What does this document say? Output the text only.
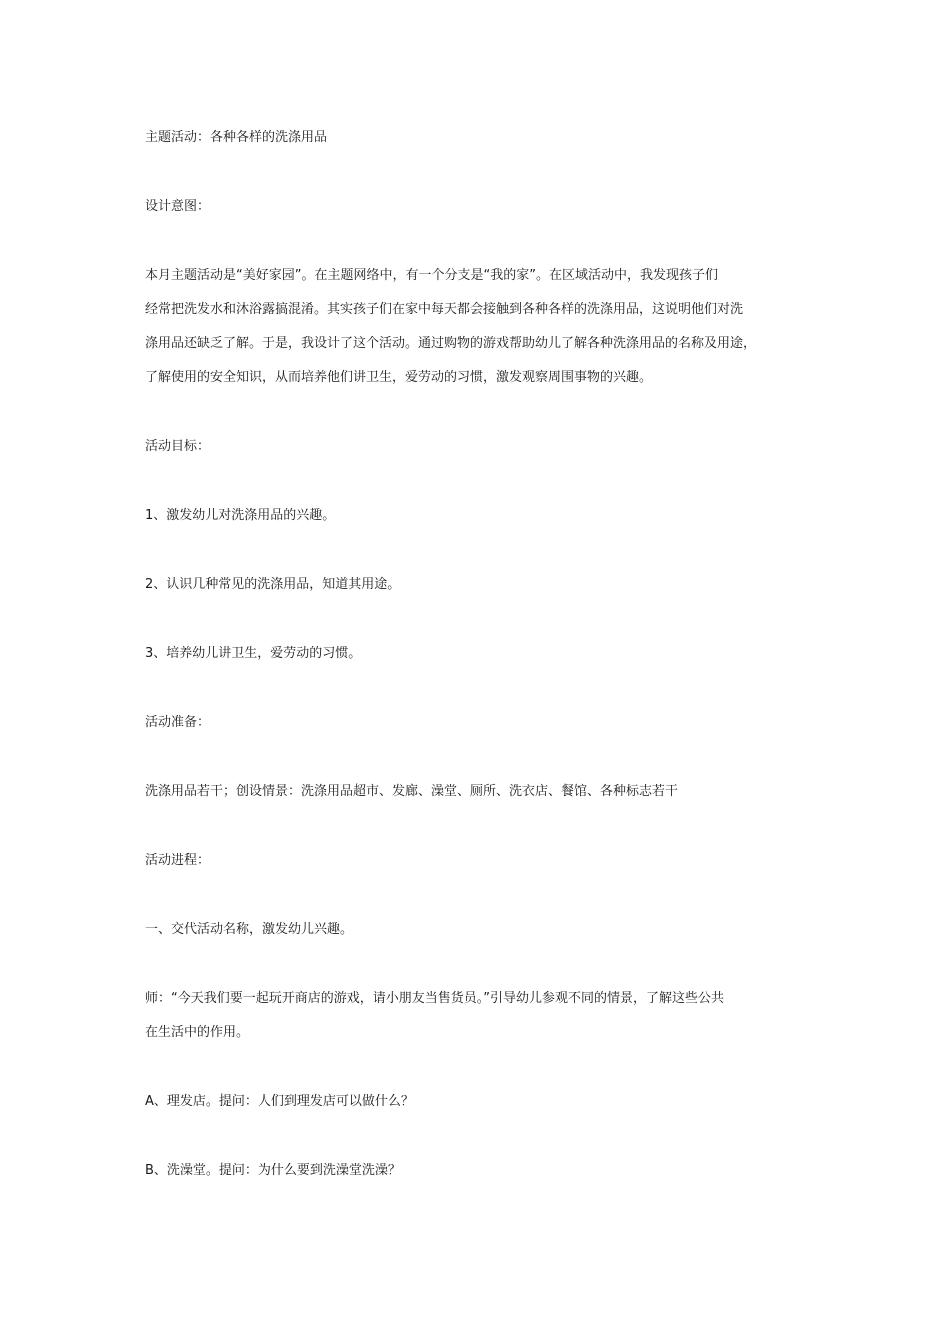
主题活动：各种各样的洗涤用品

设计意图：

本月主题活动是“美好家园”。在主题网络中，有一个分支是“我的家”。在区域活动中，我发现孩子们
经常把洗发水和沐浴露搞混淆。其实孩子们在家中每天都会接触到各种各样的洗涤用品，这说明他们对洗
涤用品还缺乏了解。于是，我设计了这个活动。通过购物的游戏帮助幼儿了解各种洗涤用品的名称及用途，
了解使用的安全知识，从而培养他们讲卫生，爱劳动的习惯，激发观察周围事物的兴趣。

活动目标：

1、激发幼儿对洗涤用品的兴趣。

2、认识几种常见的洗涤用品，知道其用途。

3、培养幼儿讲卫生，爱劳动的习惯。

活动准备：

洗涤用品若干；创设情景：洗涤用品超市、发廊、澡堂、厕所、洗衣店、餐馆、各种标志若干

活动进程：

一、交代活动名称，激发幼儿兴趣。

师：“今天我们要一起玩开商店的游戏，请小朋友当售货员。”引导幼儿参观不同的情景，了解这些公共
在生活中的作用。

A、理发店。提问：人们到理发店可以做什么？

B、洗澡堂。提问：为什么要到洗澡堂洗澡？
